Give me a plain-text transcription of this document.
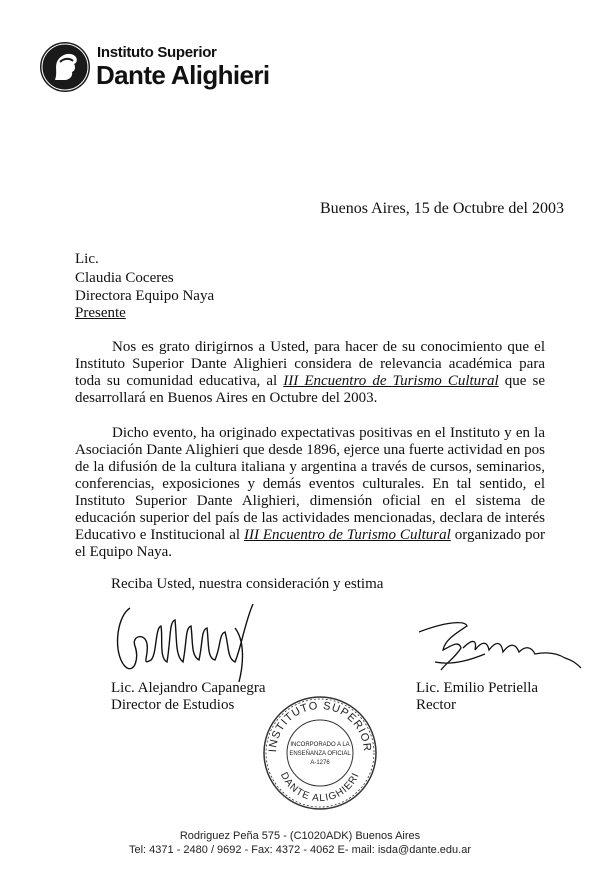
Instituto Superior
Dante Alighieri
Buenos Aires, 15 de Octubre del 2003
Lic.
Claudia Coceres
Directora Equipo Naya
Presente
Nos es grato dirigirnos a Usted, para hacer de su conocimiento que el Instituto Superior Dante Alighieri considera de relevancia académica para toda su comunidad educativa, al III Encuentro de Turismo Cultural que se desarrollará en Buenos Aires en Octubre del 2003.
Dicho evento, ha originado expectativas positivas en el Instituto y en la Asociación Dante Alighieri que desde 1896, ejerce una fuerte actividad en pos de la difusión de la cultura italiana y argentina a través de cursos, seminarios, conferencias, exposiciones y demás eventos culturales. En tal sentido, el Instituto Superior Dante Alighieri, dimensión oficial en el sistema de educación superior del país de las actividades mencionadas, declara de interés Educativo e Institucional al III Encuentro de Turismo Cultural organizado por el Equipo Naya.
Reciba Usted, nuestra consideración y estima
Lic. Alejandro Capanegra
Director de Estudios
Lic. Emilio Petriella
Rector
INSTITUTO SUPERIOR
DANTE ALIGHIERI
INCORPORADO A LA
ENSEÑANZA OFICIAL
A-1276
Rodriguez Peña 575 - (C1020ADK) Buenos Aires
Tel: 4371 - 2480 / 9692 - Fax: 4372 - 4062 E- mail: isda@dante.edu.ar
